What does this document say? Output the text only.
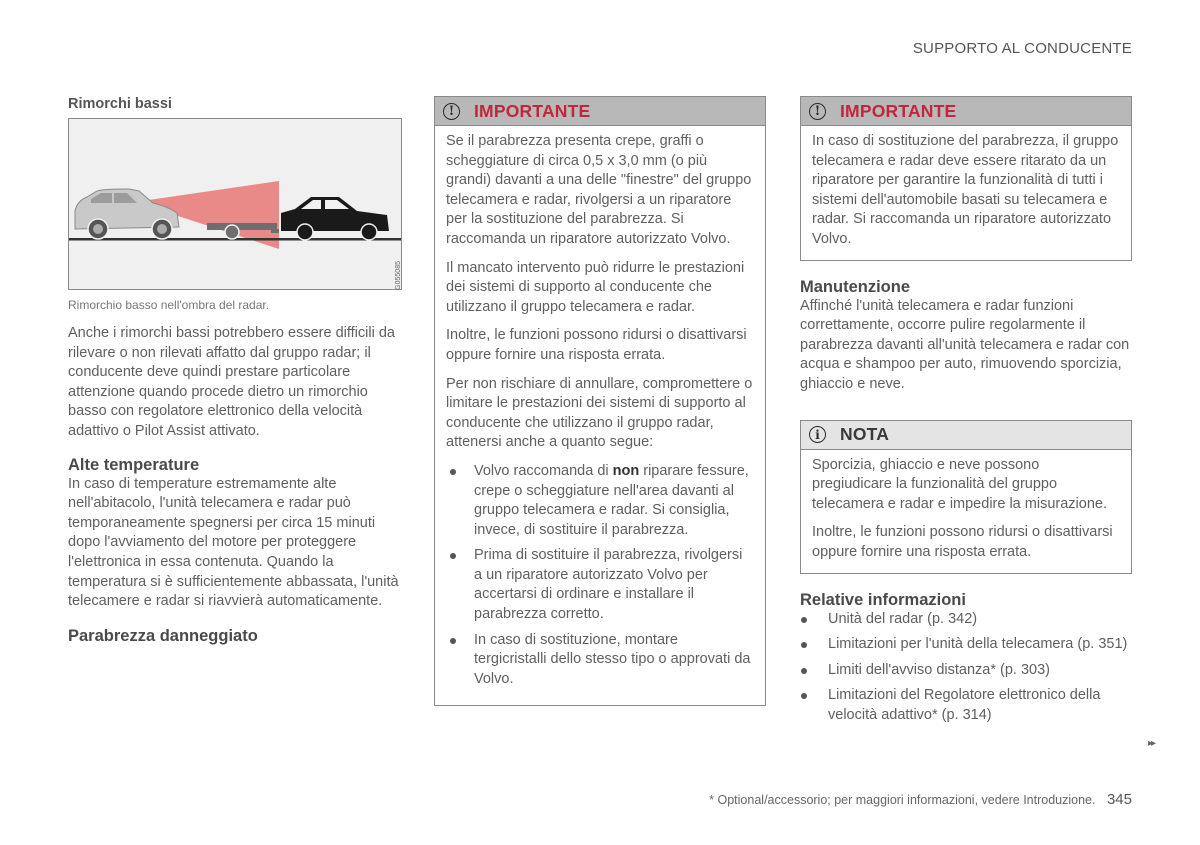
SUPPORTO AL CONDUCENTE
Rimorchi bassi
G055085
Rimorchio basso nell'ombra del radar.

Anche i rimorchi bassi potrebbero essere difficili da rilevare o non rilevati affatto dal gruppo radar; il conducente deve quindi prestare particolare attenzione quando procede dietro un rimorchio basso con regolatore elettronico della velocità adattivo o Pilot Assist attivato.

Alte temperature

In caso di temperature estremamente alte nell'abitacolo, l'unità telecamera e radar può temporaneamente spegnersi per circa 15 minuti dopo l'avviamento del motore per proteggere l'elettronica in essa contenuta. Quando la temperatura si è sufficientemente abbassata, l'unità telecamere e radar si riavvierà automaticamente.

Parabrezza danneggiato
!	IMPORTANTE

Se il parabrezza presenta crepe, graffi o scheggiature di circa 0,5 x 3,0 mm (o più grandi) davanti a una delle "finestre" del gruppo telecamera e radar, rivolgersi a un riparatore per la sostituzione del parabrezza. Si raccomanda un riparatore autorizzato Volvo.

Il mancato intervento può ridurre le prestazioni dei sistemi di supporto al conducente che utilizzano il gruppo telecamera e radar.

Inoltre, le funzioni possono ridursi o disattivarsi oppure fornire una risposta errata.

Per non rischiare di annullare, compromettere o limitare le prestazioni dei sistemi di supporto al conducente che utilizzano il gruppo radar, attenersi anche a quanto segue:

Volvo raccomanda di non riparare fessure, crepe o scheggiature nell'area davanti al gruppo telecamera e radar. Si consiglia, invece, di sostituire il parabrezza.
Prima di sostituire il parabrezza, rivolgersi a un riparatore autorizzato Volvo per accertarsi di ordinare e installare il parabrezza corretto.
In caso di sostituzione, montare tergicristalli dello stesso tipo o approvati da Volvo.
!	IMPORTANTE

In caso di sostituzione del parabrezza, il gruppo telecamera e radar deve essere ritarato da un riparatore per garantire la funzionalità di tutti i sistemi dell'automobile basati su telecamera e radar. Si raccomanda un riparatore autorizzato Volvo.

Manutenzione

Affinché l'unità telecamera e radar funzioni correttamente, occorre pulire regolarmente il parabrezza davanti all'unità telecamera e radar con acqua e shampoo per auto, rimuovendo sporcizia, ghiaccio e neve.

i	NOTA

Sporcizia, ghiaccio e neve possono pregiudicare la funzionalità del gruppo telecamera e radar e impedire la misurazione.

Inoltre, le funzioni possono ridursi o disattivarsi oppure fornire una risposta errata.

Relative informazioni
Unità del radar (p. 342)
Limitazioni per l'unità della telecamera (p. 351)
Limiti dell'avviso distanza* (p. 303)
Limitazioni del Regolatore elettronico della velocità adattivo* (p. 314)
▸▸
* Optional/accessorio; per maggiori informazioni, vedere Introduzione. 345
